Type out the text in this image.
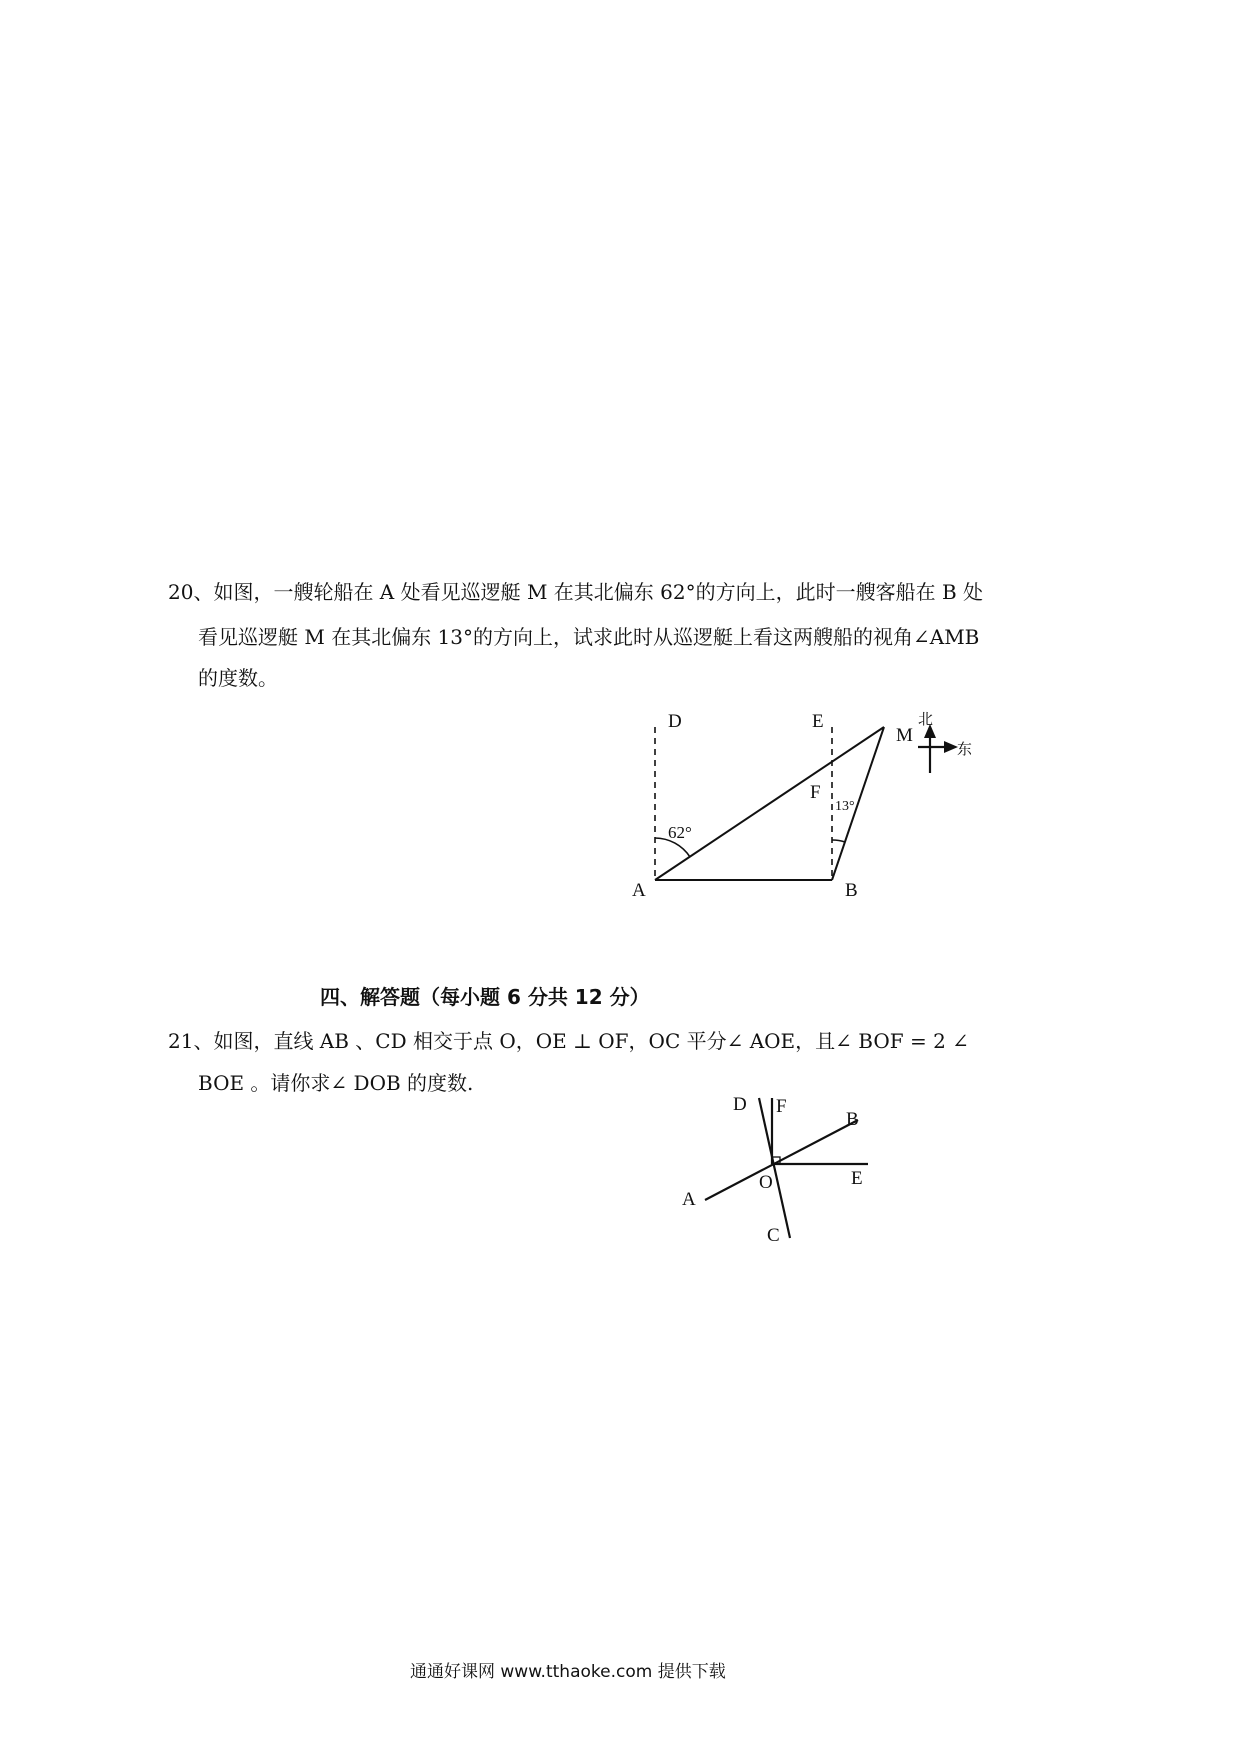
20、如图，一艘轮船在 A 处看见巡逻艇 M 在其北偏东 62°的方向上，此时一艘客船在 B 处
看见巡逻艇 M 在其北偏东 13°的方向上，试求此时从巡逻艇上看这两艘船的视角∠AMB
的度数。
D	E
M
F
A	B
62°
13°
北
东
四、解答题（每小题 6 分共 12 分）
21、如图，直线 AB 、CD 相交于点 O，OE ⊥ OF，OC 平分∠ AOE，且∠ BOF = 2 ∠
BOE 。请你求∠ DOB 的度数.
D F
B
A
O	E
C
通通好课网 www.tthaoke.com 提供下载
